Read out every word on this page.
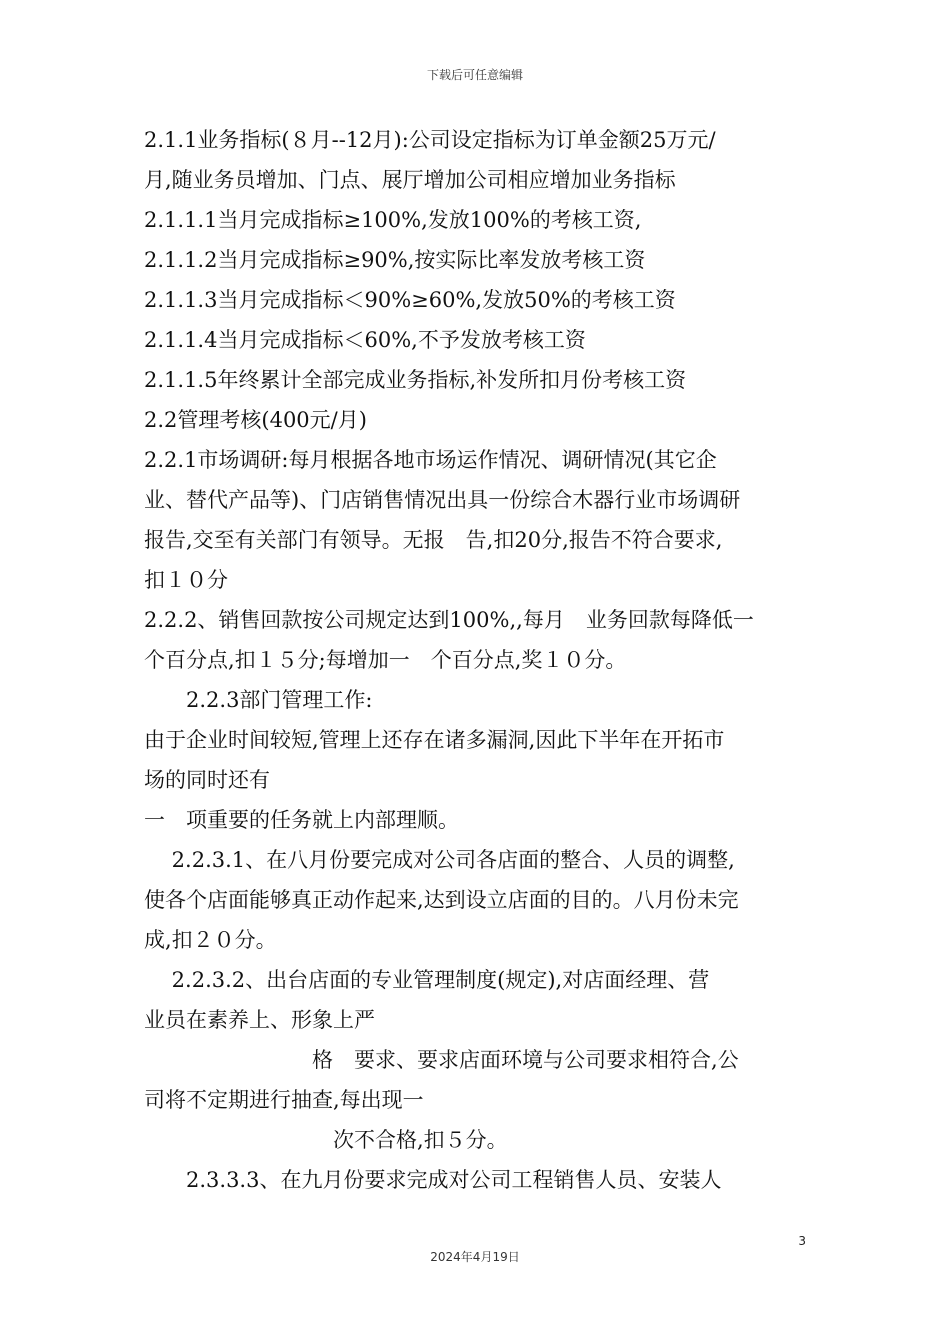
下载后可任意编辑
2.1.1业务指标(８月--12月):公司设定指标为订单金额25万元/
月,随业务员增加、门点、展厅增加公司相应增加业务指标
2.1.1.1当月完成指标≥100%,发放100%的考核工资,
2.1.1.2当月完成指标≥90%,按实际比率发放考核工资
2.1.1.3当月完成指标＜90%≥60%,发放50%的考核工资
2.1.1.4当月完成指标＜60%,不予发放考核工资
2.1.1.5年终累计全部完成业务指标,补发所扣月份考核工资
2.2管理考核(400元/月)
2.2.1市场调研:每月根据各地市场运作情况、调研情况(其它企
业、替代产品等)、门店销售情况出具一份综合木器行业市场调研
报告,交至有关部门有领导。无报　告,扣20分,报告不符合要求,
扣１０分
2.2.2、销售回款按公司规定达到100%,,每月　业务回款每降低一
个百分点,扣１５分;每增加一　个百分点,奖１０分。
　　2.2.3部门管理工作:
由于企业时间较短,管理上还存在诸多漏洞,因此下半年在开拓市
场的同时还有
一　项重要的任务就上内部理顺。
　 2.2.3.1、在八月份要完成对公司各店面的整合、人员的调整,
使各个店面能够真正动作起来,达到设立店面的目的。八月份未完
成,扣２０分。
　 2.2.3.2、出台店面的专业管理制度(规定),对店面经理、营
业员在素养上、形象上严
　　　　　　　　格　要求、要求店面环境与公司要求相符合,公
司将不定期进行抽查,每出现一
　　　　　　　　　次不合格,扣５分。
　　2.3.3.3、在九月份要求完成对公司工程销售人员、安装人
3
2024年4月19日
